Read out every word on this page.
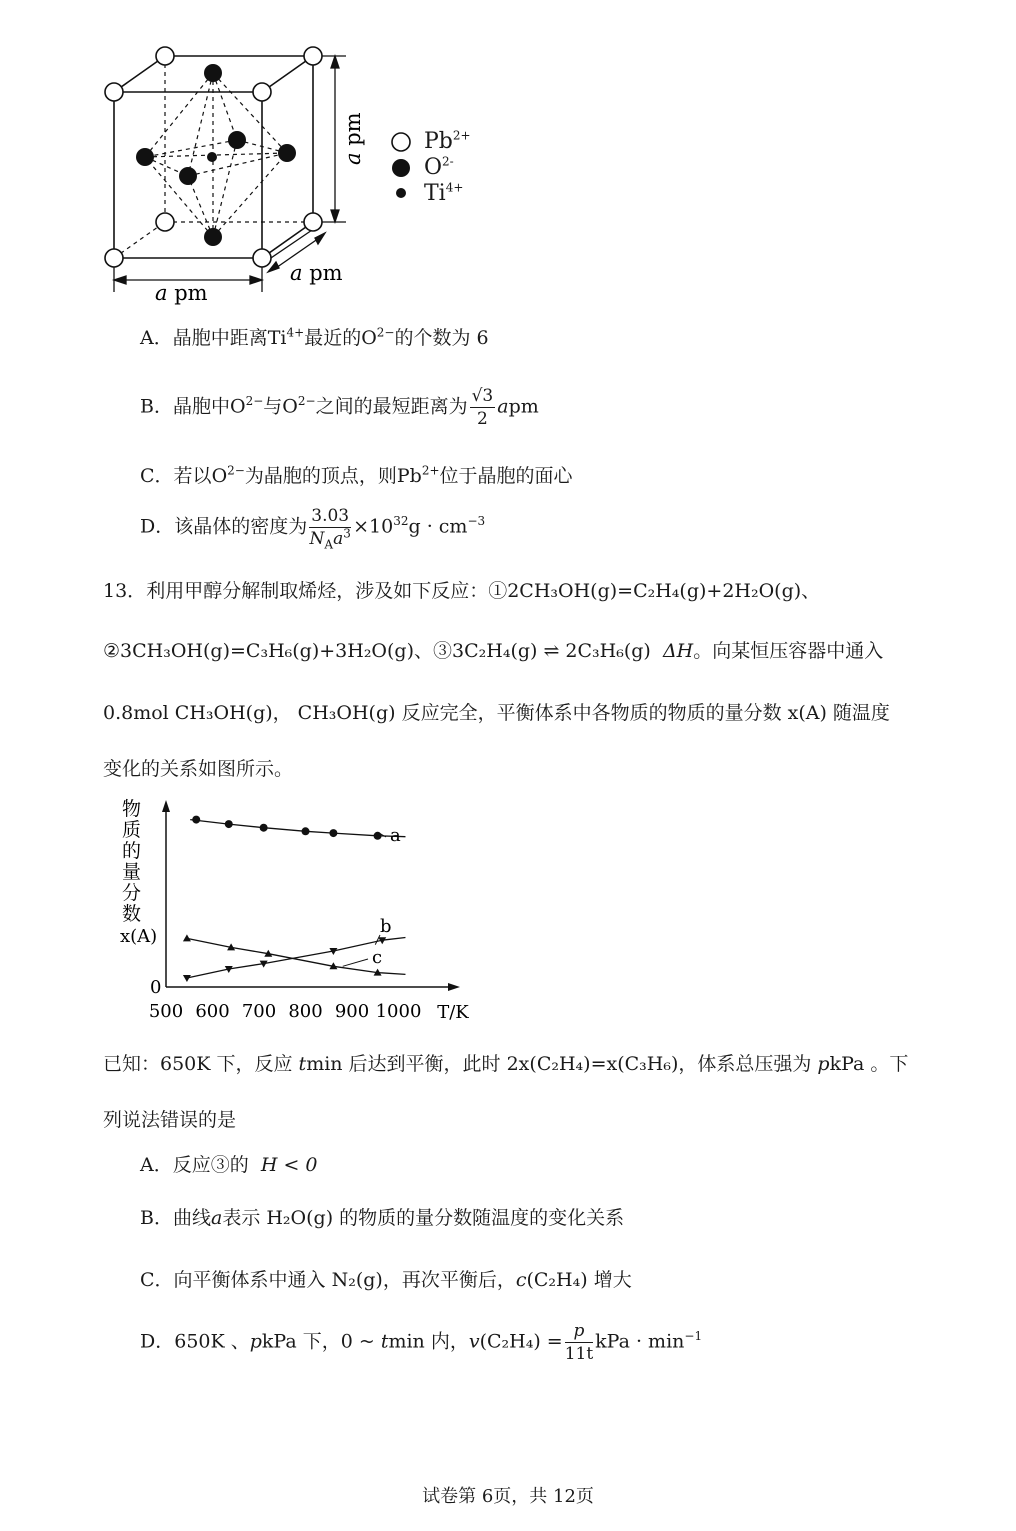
a pm
a pm
a pm	$Pb^{2+}$
$O^{2-}$
$Ti^{4+}$
A．晶胞中距离$Ti^{4+}$最近的$O^{2-}$的个数为 6
B．晶胞中$O^{2-}$与$O^{2-}$之间的最短距离为 $\frac{√3}{2}$ apm
C．若以$O^{2-}$为晶胞的顶点，则$Pb^{2+}$位于晶胞的面心
D．该晶体的密度为 $\frac{3.03}{N_Aa^3} \times 10^{32}g \cdot cm^{-3}$
13．利用甲醇分解制取烯烃，涉及如下反应：①2CH₃OH(g)=C₂H₄(g)+2H₂O(g)、
②3CH₃OH(g)=C₃H₆(g)+3H₂O(g)、③3C₂H₄(g) ⇌ 2C₃H₆(g) ΔH。向某恒压容器中通入
0.8mol CH₃OH(g)， CH₃OH(g) 反应完全，平衡体系中各物质的物质的量分数 x(A) 随温度
变化的关系如图所示。
物
质
的
量
分
数
x(A)
0
500 600 700 800 900 1000 T/K
a
b
c
已知：650K 下，反应 tmin 后达到平衡，此时 2x(C₂H₄)=x(C₃H₆)，体系总压强为 pkPa 。下
列说法错误的是
A．反应③的 H < 0
B．曲线a表示 H₂O(g) 的物质的量分数随温度的变化关系
C．向平衡体系中通入 N₂(g)，再次平衡后，c(C₂H₄) 增大
D．650K 、pkPa 下，0 ~ tmin 内，$v(C_2H_4) = \frac{p}{11t}$ kPa · $\min^{-1}$
试卷第 6页，共 12页
